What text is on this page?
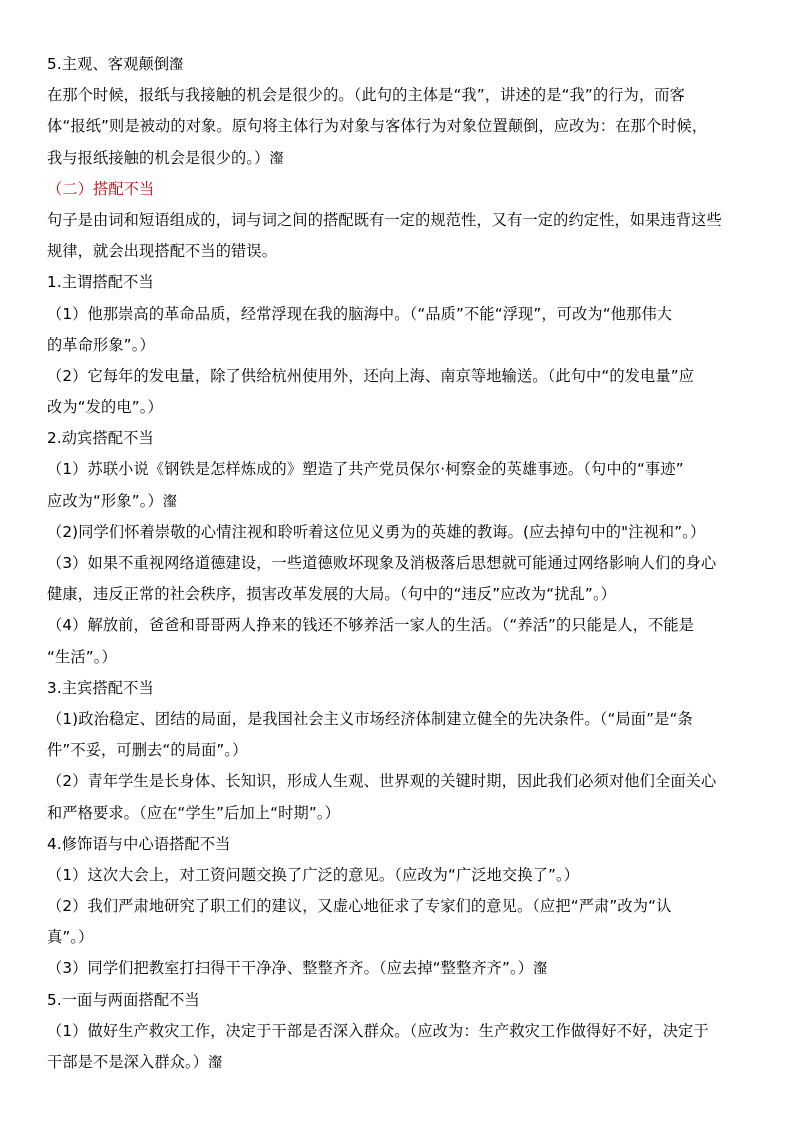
5.主观、客观颠倒瀣
在那个时候，报纸与我接触的机会是很少的。（此句的主体是“我”，讲述的是“我”的行为，而客
体“报纸”则是被动的对象。原句将主体行为对象与客体行为对象位置颠倒，应改为：在那个时候，
我与报纸接触的机会是很少的。）瀣
（二）搭配不当
句子是由词和短语组成的，词与词之间的搭配既有一定的规范性，又有一定的约定性，如果违背这些
规律，就会出现搭配不当的错误。
1.主谓搭配不当
（1）他那崇高的革命品质，经常浮现在我的脑海中。（“品质”不能“浮现”，可改为“他那伟大
的革命形象”。）
（2）它每年的发电量，除了供给杭州使用外，还向上海、南京等地输送。（此句中“的发电量”应
改为“发的电”。）
2.动宾搭配不当
（1）苏联小说《钢铁是怎样炼成的》塑造了共产党员保尔·柯察金的英雄事迹。（句中的“事迹”
应改为“形象”。）瀣
（2)同学们怀着崇敬的心情注视和聆听着这位见义勇为的英雄的教诲。(应去掉句中的"注视和”。）
（3）如果不重视网络道德建设，一些道德败坏现象及消极落后思想就可能通过网络影响人们的身心
健康，违反正常的社会秩序，损害改革发展的大局。（句中的“违反”应改为“扰乱”。）
（4）解放前，爸爸和哥哥两人挣来的钱还不够养活一家人的生活。（“养活”的只能是人，不能是
“生活”。）
3.主宾搭配不当
（1)政治稳定、团结的局面，是我国社会主义市场经济体制建立健全的先决条件。（“局面”是“条
件”不妥，可删去“的局面”。）
（2）青年学生是长身体、长知识，形成人生观、世界观的关键时期，因此我们必须对他们全面关心
和严格要求。（应在“学生”后加上“时期”。）
4.修饰语与中心语搭配不当
（1）这次大会上，对工资问题交换了广泛的意见。（应改为“广泛地交换了”。）
（2）我们严肃地研究了职工们的建议，又虚心地征求了专家们的意见。（应把“严肃”改为“认
真”。）
（3）同学们把教室打扫得干干净净、整整齐齐。（应去掉“整整齐齐”。）瀣
5.一面与两面搭配不当
（1）做好生产救灾工作，决定于干部是否深入群众。（应改为：生产救灾工作做得好不好，决定于
干部是不是深入群众。）瀣
